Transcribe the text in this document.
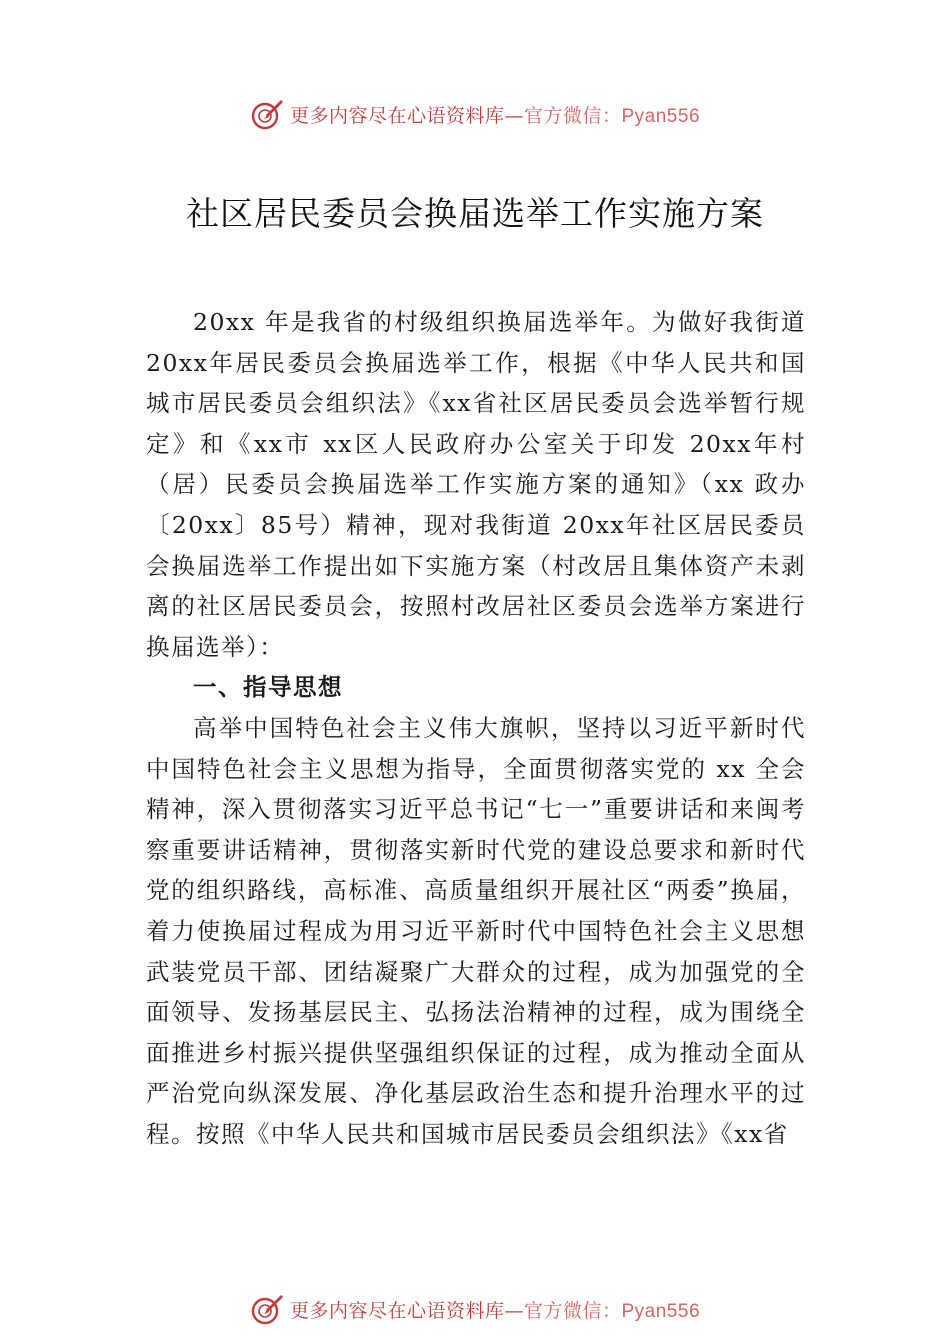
更多内容尽在心语资料库—官方微信：Pyan556
社区居民委员会换届选举工作实施方案

20xx 年是我省的村级组织换届选举年。为做好我街道20xx年居民委员会换届选举工作，根据《中华人民共和国城市居民委员会组织法》《xx省社区居民委员会选举暂行规定》和《xx市 xx区人民政府办公室关于印发 20xx年村（居）民委员会换届选举工作实施方案的通知》（xx 政办〔20xx〕85号）精神，现对我街道 20xx年社区居民委员会换届选举工作提出如下实施方案（村改居且集体资产未剥离的社区居民委员会，按照村改居社区委员会选举方案进行换届选举）：

一、指导思想

高举中国特色社会主义伟大旗帜，坚持以习近平新时代中国特色社会主义思想为指导，全面贯彻落实党的 xx 全会精神，深入贯彻落实习近平总书记“七一”重要讲话和来闽考察重要讲话精神，贯彻落实新时代党的建设总要求和新时代党的组织路线，高标准、高质量组织开展社区“两委”换届，着力使换届过程成为用习近平新时代中国特色社会主义思想武装党员干部、团结凝聚广大群众的过程，成为加强党的全面领导、发扬基层民主、弘扬法治精神的过程，成为围绕全面推进乡村振兴提供坚强组织保证的过程，成为推动全面从严治党向纵深发展、净化基层政治生态和提升治理水平的过程。按照《中华人民共和国城市居民委员会组织法》《xx省

更多内容尽在心语资料库—官方微信：Pyan556
